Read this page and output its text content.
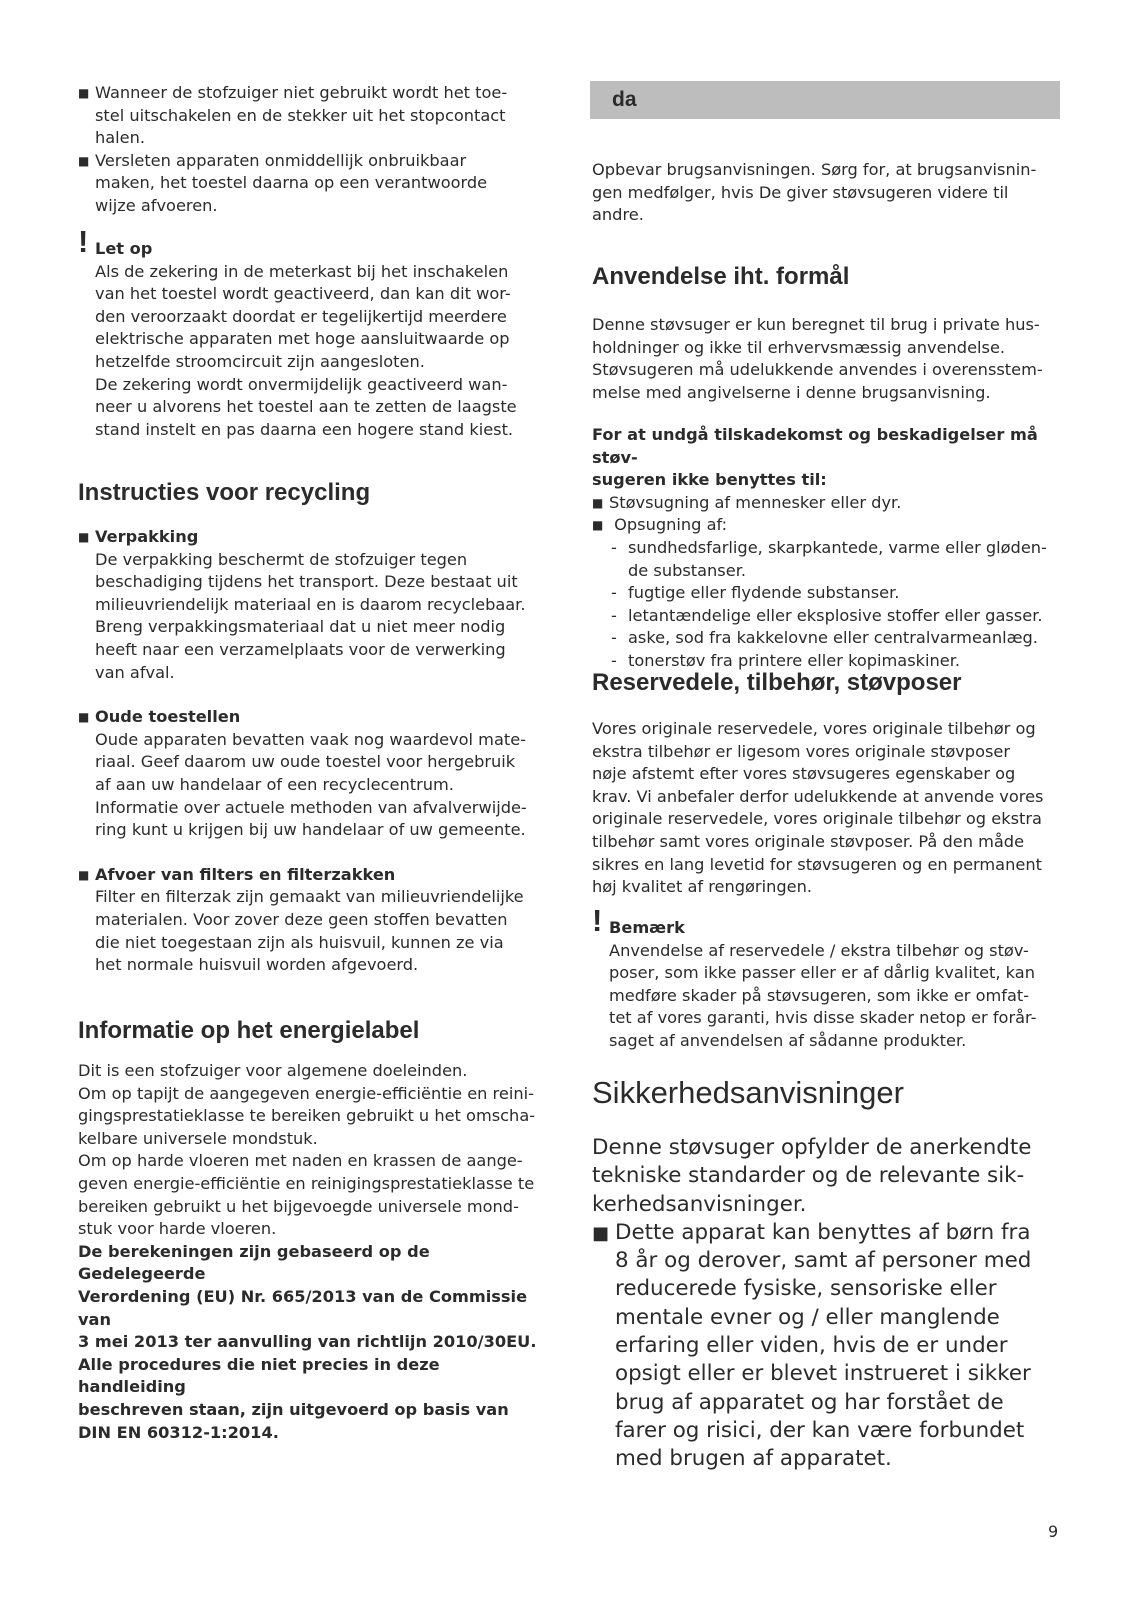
■ Wanneer de stofzuiger niet gebruikt wordt het toe-
stel uitschakelen en de stekker uit het stopcontact
halen.
■ Versleten apparaten onmiddellijk onbruikbaar
maken, het toestel daarna op een verantwoorde
wijze afvoeren.
! Let op

Als de zekering in de meterkast bij het inschakelen
van het toestel wordt geactiveerd, dan kan dit wor-
den veroorzaakt doordat er tegelijkertijd meerdere
elektrische apparaten met hoge aansluitwaarde op
hetzelfde stroomcircuit zijn aangesloten.
De zekering wordt onvermijdelijk geactiveerd wan-
neer u alvorens het toestel aan te zetten de laagste
stand instelt en pas daarna een hogere stand kiest.

Instructies voor recycling

■ Verpakking

De verpakking beschermt de stofzuiger tegen
beschadiging tijdens het transport. Deze bestaat uit
milieuvriendelijk materiaal en is daarom recyclebaar.
Breng verpakkingsmateriaal dat u niet meer nodig
heeft naar een verzamelplaats voor de verwerking
van afval.

■ Oude toestellen

Oude apparaten bevatten vaak nog waardevol mate-
riaal. Geef daarom uw oude toestel voor hergebruik
af aan uw handelaar of een recyclecentrum.
Informatie over actuele methoden van afvalverwijde-
ring kunt u krijgen bij uw handelaar of uw gemeente.

■ Afvoer van filters en filterzakken

Filter en filterzak zijn gemaakt van milieuvriendelijke
materialen. Voor zover deze geen stoffen bevatten
die niet toegestaan zijn als huisvuil, kunnen ze via
het normale huisvuil worden afgevoerd.

Informatie op het energielabel

Dit is een stofzuiger voor algemene doeleinden.
Om op tapijt de aangegeven energie-efficiëntie en reini-
gingsprestatieklasse te bereiken gebruikt u het omscha-
kelbare universele mondstuk.
Om op harde vloeren met naden en krassen de aange-
geven energie-efficiëntie en reinigingsprestatieklasse te
bereiken gebruikt u het bijgevoegde universele mond-
stuk voor harde vloeren.

De berekeningen zijn gebaseerd op de Gedelegeerde
Verordening (EU) Nr. 665/2013 van de Commissie van
3 mei 2013 ter aanvulling van richtlijn 2010/30EU.
Alle procedures die niet precies in deze handleiding
beschreven staan, zijn uitgevoerd op basis van
DIN EN 60312-1:2014.

da

Opbevar brugsanvisningen. Sørg for, at brugsanvisnin-
gen medfølger, hvis De giver støvsugeren videre til
andre.

Anvendelse iht. formål

Denne støvsuger er kun beregnet til brug i private hus-
holdninger og ikke til erhvervsmæssig anvendelse.
Støvsugeren må udelukkende anvendes i overensstem-
melse med angivelserne i denne brugsanvisning.

For at undgå tilskadekomst og beskadigelser må støv-
sugeren ikke benyttes til:

■ Støvsugning af mennesker eller dyr.
■  Opsugning af:
- sundhedsfarlige, skarpkantede, varme eller gløden-
de substanser.
- fugtige eller flydende substanser.
- letantændelige eller eksplosive stoffer eller gasser.
- aske, sod fra kakkelovne eller centralvarmeanlæg.
- tonerstøv fra printere eller kopimaskiner.
Reservedele, tilbehør, støvposer

Vores originale reservedele, vores originale tilbehør og
ekstra tilbehør er ligesom vores originale støvposer
nøje afstemt efter vores støvsugeres egenskaber og
krav. Vi anbefaler derfor udelukkende at anvende vores
originale reservedele, vores originale tilbehør og ekstra
tilbehør samt vores originale støvposer. På den måde
sikres en lang levetid for støvsugeren og en permanent
høj kvalitet af rengøringen.

! Bemærk

Anvendelse af reservedele / ekstra tilbehør og støv-
poser, som ikke passer eller er af dårlig kvalitet, kan
medføre skader på støvsugeren, som ikke er omfat-
tet af vores garanti, hvis disse skader netop er forår-
saget af anvendelsen af sådanne produkter.

Sikkerhedsanvisninger

Denne støvsuger opfylder de anerkendte
tekniske standarder og de relevante sik-
kerhedsanvisninger.

■ Dette apparat kan benyttes af børn fra
8 år og derover, samt af personer med
reducerede fysiske, sensoriske eller
mentale evner og / eller manglende
erfaring eller viden, hvis de er under
opsigt eller er blevet instrueret i sikker
brug af apparatet og har forstået de
farer og risici, der kan være forbundet
med brugen af apparatet.
9
